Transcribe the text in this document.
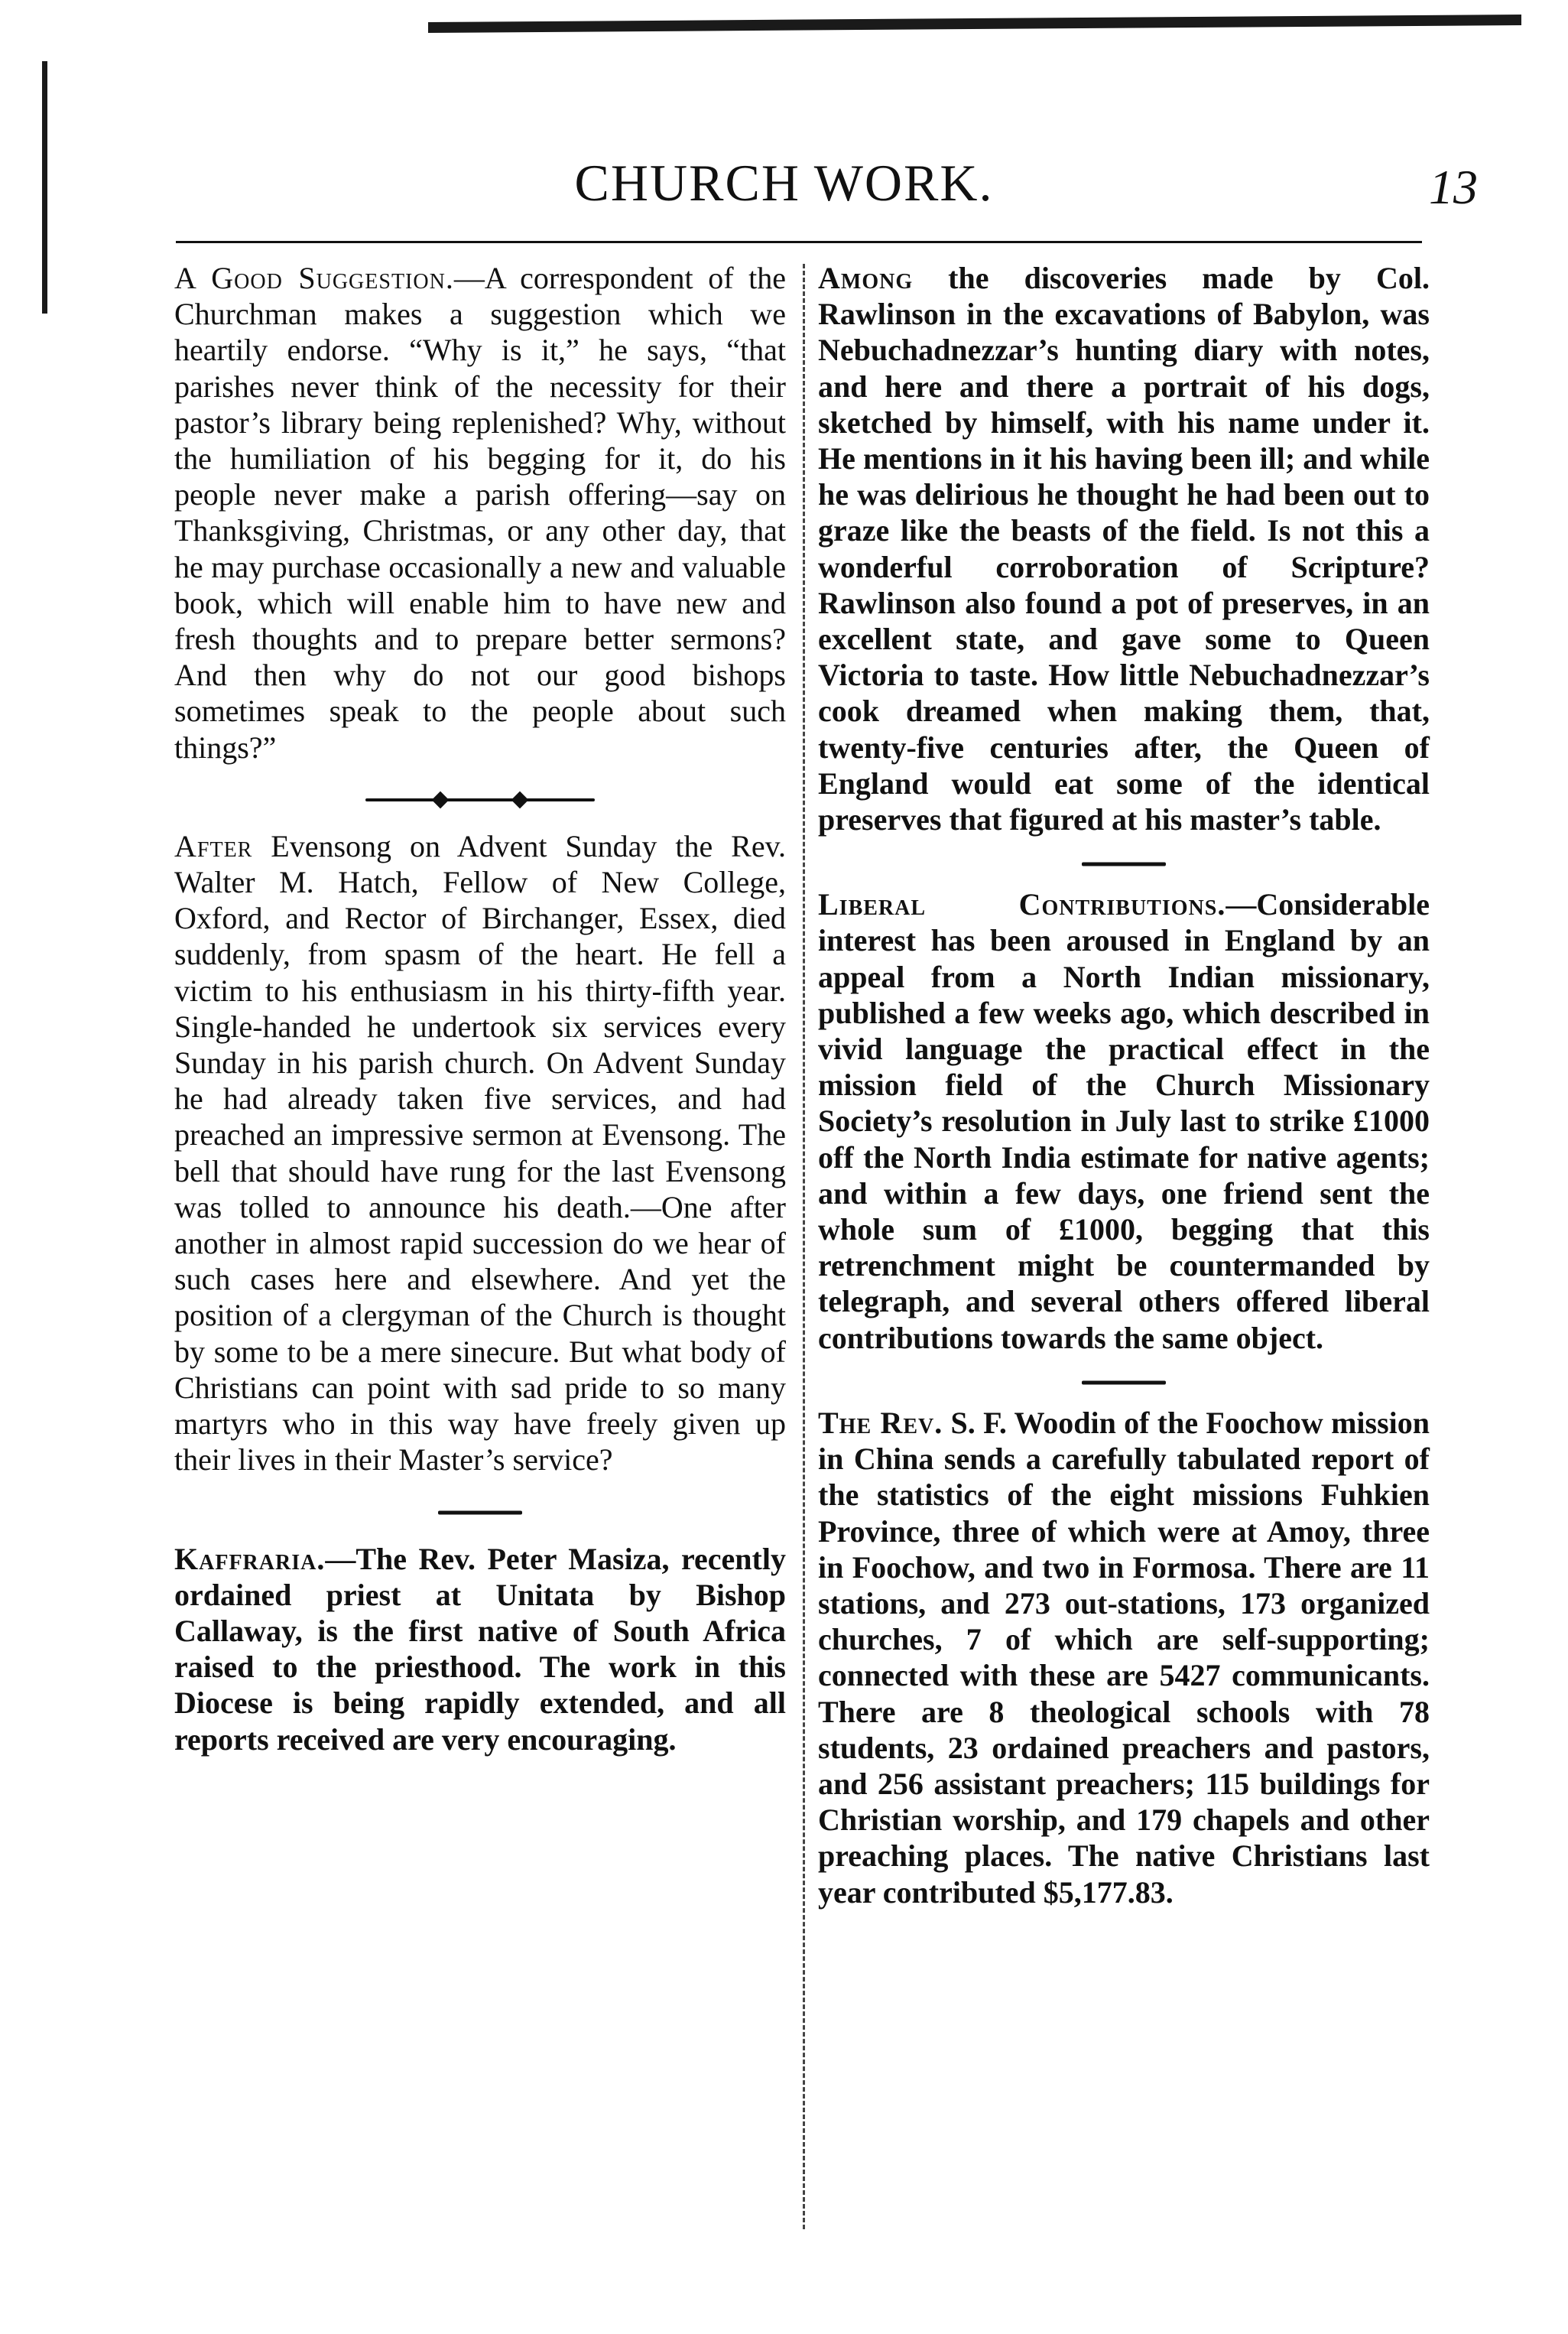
CHURCH WORK.	13

A Good Suggestion.—A correspondent of the Churchman makes a suggestion which we heartily endorse. “Why is it,” he says, “that parishes never think of the necessity for their pastor’s library being replenished? Why, without the humiliation of his begging for it, do his people never make a parish offering—say on Thanksgiving, Christmas, or any other day, that he may purchase occasionally a new and valuable book, which will enable him to have new and fresh thoughts and to prepare better sermons? And then why do not our good bishops sometimes speak to the people about such things?”

After Evensong on Advent Sunday the Rev. Walter M. Hatch, Fellow of New College, Oxford, and Rector of Birchanger, Essex, died suddenly, from spasm of the heart. He fell a victim to his enthusiasm in his thirty-fifth year. Single-handed he undertook six services every Sunday in his parish church. On Advent Sunday he had already taken five services, and had preached an impressive sermon at Evensong. The bell that should have rung for the last Evensong was tolled to announce his death.—One after another in almost rapid succession do we hear of such cases here and elsewhere. And yet the position of a clergyman of the Church is thought by some to be a mere sinecure. But what body of Christians can point with sad pride to so many martyrs who in this way have freely given up their lives in their Master’s service?

Kaffraria.—The Rev. Peter Masiza, recently ordained priest at Unitata by Bishop Callaway, is the first native of South Africa raised to the priesthood. The work in this Diocese is being rapidly extended, and all reports received are very encouraging.

Among the discoveries made by Col. Rawlinson in the excavations of Babylon, was Nebuchadnezzar’s hunting diary with notes, and here and there a portrait of his dogs, sketched by himself, with his name under it. He mentions in it his having been ill; and while he was delirious he thought he had been out to graze like the beasts of the field. Is not this a wonderful corroboration of Scripture? Rawlinson also found a pot of preserves, in an excellent state, and gave some to Queen Victoria to taste. How little Nebuchadnezzar’s cook dreamed when making them, that, twenty-five centuries after, the Queen of England would eat some of the identical preserves that figured at his master’s table.

Liberal Contributions.—Considerable interest has been aroused in England by an appeal from a North Indian missionary, published a few weeks ago, which described in vivid language the practical effect in the mission field of the Church Missionary Society’s resolution in July last to strike £1000 off the North India estimate for native agents; and within a few days, one friend sent the whole sum of £1000, begging that this retrenchment might be countermanded by telegraph, and several others offered liberal contributions towards the same object.

The Rev. S. F. Woodin of the Foochow mission in China sends a carefully tabulated report of the statistics of the eight missions Fuhkien Province, three of which were at Amoy, three in Foochow, and two in Formosa. There are 11 stations, and 273 out-stations, 173 organized churches, 7 of which are self-supporting; connected with these are 5427 communicants. There are 8 theological schools with 78 students, 23 ordained preachers and pastors, and 256 assistant preachers; 115 buildings for Christian worship, and 179 chapels and other preaching places. The native Christians last year contributed $5,177.83.
